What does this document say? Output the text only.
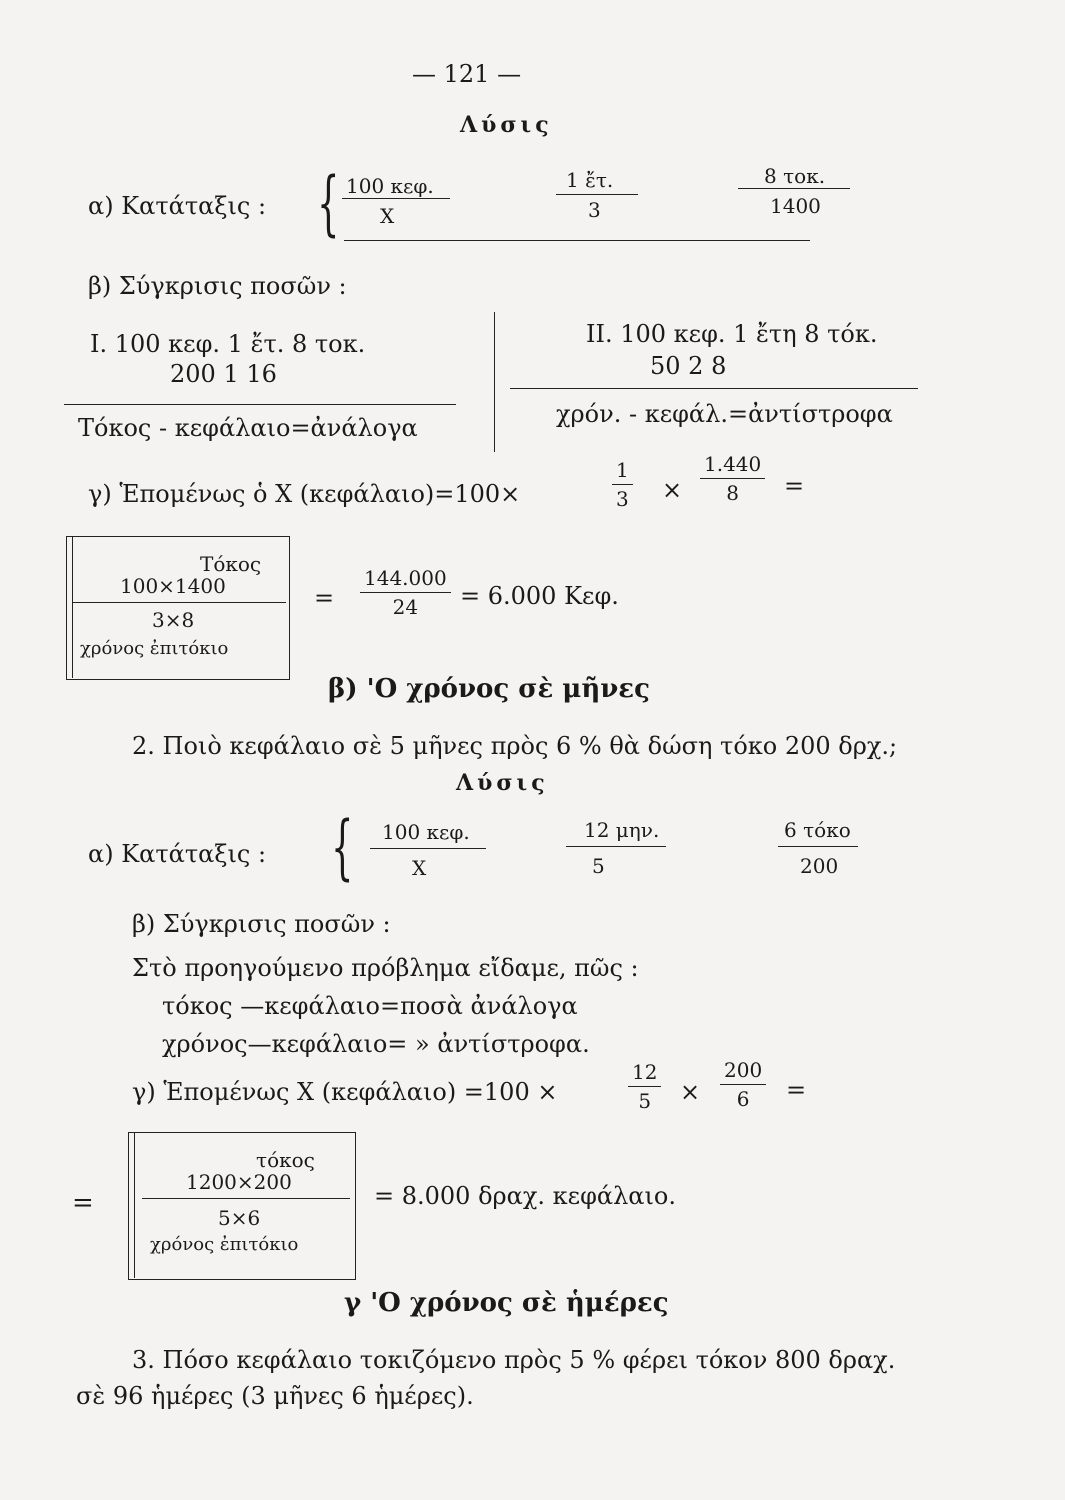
— 121 —
Λύσις
α) Κατάταξις : { 100 κεφ.
X
1 ἔτ.
3
8 τοκ.
1400
β) Σύγκρισις ποσῶν :
I. 100 κεφ. 1 ἔτ. 8 τοκ.
200 1 16
Τόκος - κεφάλαιο=ἀνάλογα
II. 100 κεφ. 1 ἔτη 8 τόκ.
50 2 8
χρόν. - κεφάλ.=ἀντίστροφα
γ) Ἑπομένως ὁ X (κεφάλαιο)=100×
1
3 ×
1.440
8 =
Τόκος
100×1400
3×8
χρόνος ἐπιτόκιο
=
144.000
24 = 6.000 Κεφ.
β) 'Ο χρόνος σὲ μῆνες
2. Ποιὸ κεφάλαιο σὲ 5 μῆνες πρὸς 6 % θὰ δώση τόκο 200 δρχ.;
Λύσις
α) Κατάταξις : { 100 κεφ.
X
12 μην.
5
6 τόκο
200
β) Σύγκρισις ποσῶν :
Στὸ προηγούμενο πρόβλημα εἴδαμε, πῶς :
τόκος —κεφάλαιο=ποσὰ ἀνάλογα
χρόνος—κεφάλαιο= » ἀντίστροφα.
γ) Ἑπομένως X (κεφάλαιο) =100 ×
12
5 ×
200
6 =
=
τόκος
1200×200
5×6
χρόνος ἐπιτόκιο
= 8.000 δραχ. κεφάλαιο.
γ 'Ο χρόνος σὲ ἡμέρες
3. Πόσο κεφάλαιο τοκιζόμενο πρὸς 5 % φέρει τόκον 800 δραχ.
σὲ 96 ἡμέρες (3 μῆνες 6 ἡμέρες).
